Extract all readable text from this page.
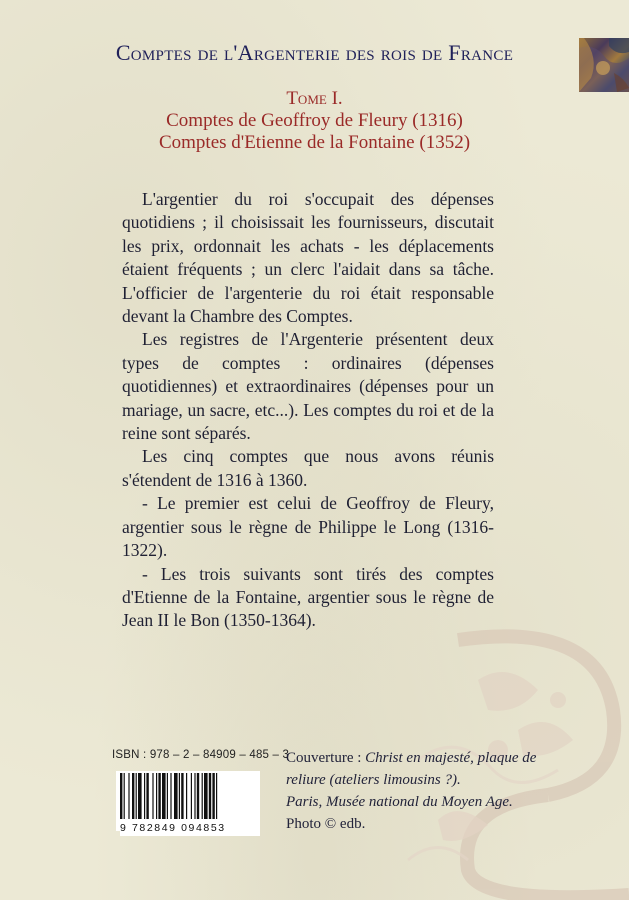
Comptes de l'Argenterie des rois de France
Tome I.
Comptes de Geoffroy de Fleury (1316)
Comptes d'Etienne de la Fontaine (1352)

L'argentier du roi s'occupait des dépenses quotidiens ; il choisissait les fournisseurs, discutait les prix, ordonnait les achats - les déplacements étaient fréquents ; un clerc l'aidait dans sa tâche. L'officier de l'argenterie du roi était responsable devant la Chambre des Comptes.

Les registres de l'Argenterie présentent deux types de comptes : ordinaires (dépenses quotidiennes) et extraordinaires (dépenses pour un mariage, un sacre, etc...). Les comptes du roi et de la reine sont séparés.

Les cinq comptes que nous avons réunis s'étendent de 1316 à 1360.

- Le premier est celui de Geoffroy de Fleury, argentier sous le règne de Philippe le Long (1316-1322).

- Les trois suivants sont tirés des comptes d'Etienne de la Fontaine, argentier sous le règne de Jean II le Bon (1350-1364).

ISBN : 978 – 2 – 84909 – 485 – 3
9 782849 094853
Couverture : Christ en majesté, plaque de reliure (ateliers limousins ?).
Paris, Musée national du Moyen Age.
Photo © edb.
